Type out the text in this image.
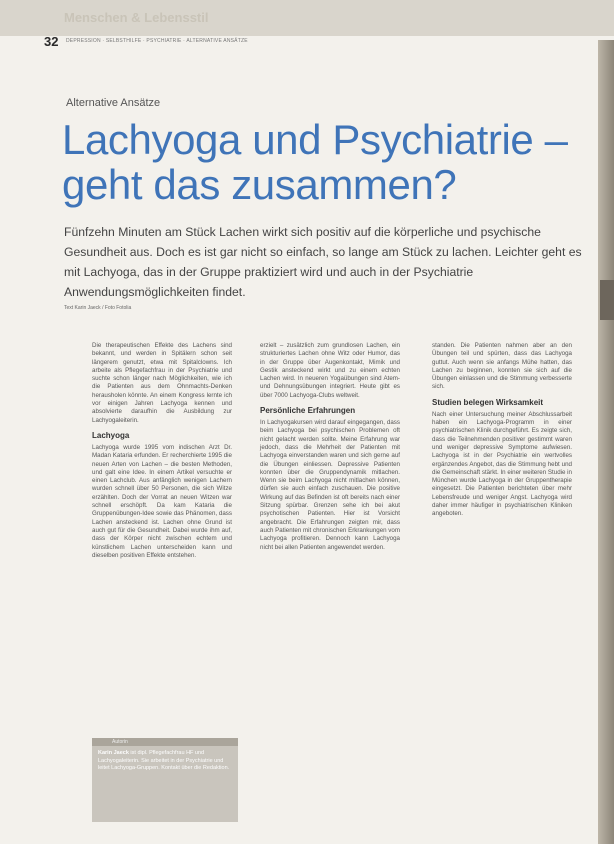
Menschen & Lebensstil
32 DEPRESSION · SELBSTHILFE · PSYCHIATRIE · ALTERNATIVE ANSÄTZE
Alternative Ansätze
Lachyoga und Psychiatrie –
geht das zusammen?
Fünfzehn Minuten am Stück Lachen wirkt sich positiv auf die körperliche und psychische Gesundheit aus. Doch es ist gar nicht so einfach, so lange am Stück zu lachen. Leichter geht es mit Lachyoga, das in der Gruppe praktiziert wird und auch in der Psychiatrie Anwendungsmöglichkeiten findet.
Text Karin Jaeck / Foto Fotolia
Die therapeutischen Effekte des Lachens sind bekannt, und werden in Spitälern schon seit längerem genutzt, etwa mit Spitalclowns. Ich arbeite als Pflegefachfrau in der Psychiatrie und suchte schon länger nach Möglichkeiten, wie ich die Patienten aus dem Ohnmachts-Denken herausholen könnte. An einem Kongress lernte ich vor einigen Jahren Lachyoga kennen und absolvierte daraufhin die Ausbildung zur Lachyogaleiterin.
Lachyoga
Lachyoga wurde 1995 vom indischen Arzt Dr. Madan Kataria erfunden. Er recherchierte 1995 die neuen Arten von Lachen – die besten Methoden, und galt eine Idee. In einem Artikel versuchte er einen Lachclub. Aus anfänglich wenigen Lachern wurden schnell über 50 Personen, die sich Witze erzählten. Doch der Vorrat an neuen Witzen war schnell erschöpft. Da kam Kataria die Gruppenübungen-Idee sowie das Phänomen, dass Lachen ansteckend ist. Lachen ohne Grund ist auch gut für die Gesundheit. Dabei wurde ihm auf, dass der Körper nicht zwischen echtem und künstlichem Lachen unterscheiden kann und dieselben positiven Effekte entstehen.
erzielt – zusätzlich zum grundlosen Lachen, ein strukturiertes Lachen ohne Witz oder Humor, das in der Gruppe über Augenkontakt, Mimik und Gestik ansteckend wirkt und zu einem echten Lachen wird. In neueren Yogaübungen sind Atem- und Dehnungsübungen integriert. Heute gibt es über 7000 Lachyoga-Clubs weltweit.
Persönliche Erfahrungen
In Lachyogakursen wird darauf eingegangen, dass beim Lachyoga bei psychischen Problemen oft nicht gelacht werden sollte. Meine Erfahrung war jedoch, dass die Mehrheit der Patienten mit Lachyoga einverstanden waren und sich gerne auf die Übungen einliessen. Depressive Patienten konnten über die Gruppendynamik mitlachen. Wenn sie beim Lachyoga nicht mitlachen können, dürfen sie auch einfach zuschauen. Die positive Wirkung auf das Befinden ist oft bereits nach einer Sitzung spürbar. Grenzen sehe ich bei akut psychotischen Patienten. Hier ist Vorsicht angebracht. Die Erfahrungen zeigten mir, dass auch Patienten mit chronischen Erkrankungen vom Lachyoga profitieren. Dennoch kann Lachyoga nicht bei allen Patienten angewendet werden.
standen. Die Patienten nahmen aber an den Übungen teil und spürten, dass das Lachyoga guttut. Auch wenn sie anfangs Mühe hatten, das Lachen zu beginnen, konnten sie sich auf die Übungen einlassen und die Stimmung verbesserte sich.
Studien belegen Wirksamkeit
Nach einer Untersuchung meiner Abschlussarbeit haben ein Lachyoga-Programm in einer psychiatrischen Klinik durchgeführt. Es zeigte sich, dass die Teilnehmenden positiver gestimmt waren und weniger depressive Symptome aufwiesen. Lachyoga ist in der Psychiatrie ein wertvolles ergänzendes Angebot, das die Stimmung hebt und die Gemeinschaft stärkt. In einer weiteren Studie in München wurde Lachyoga in der Gruppentherapie eingesetzt. Die Patienten berichteten über mehr Lebensfreude und weniger Angst. Lachyoga wird daher immer häufiger in psychiatrischen Kliniken angeboten.
Autorin
Karin Jaeck ist dipl. Pflegefachfrau HF und Lachyogaleiterin. Sie arbeitet in der Psychiatrie und leitet Lachyoga-Gruppen. Kontakt über die Redaktion.
